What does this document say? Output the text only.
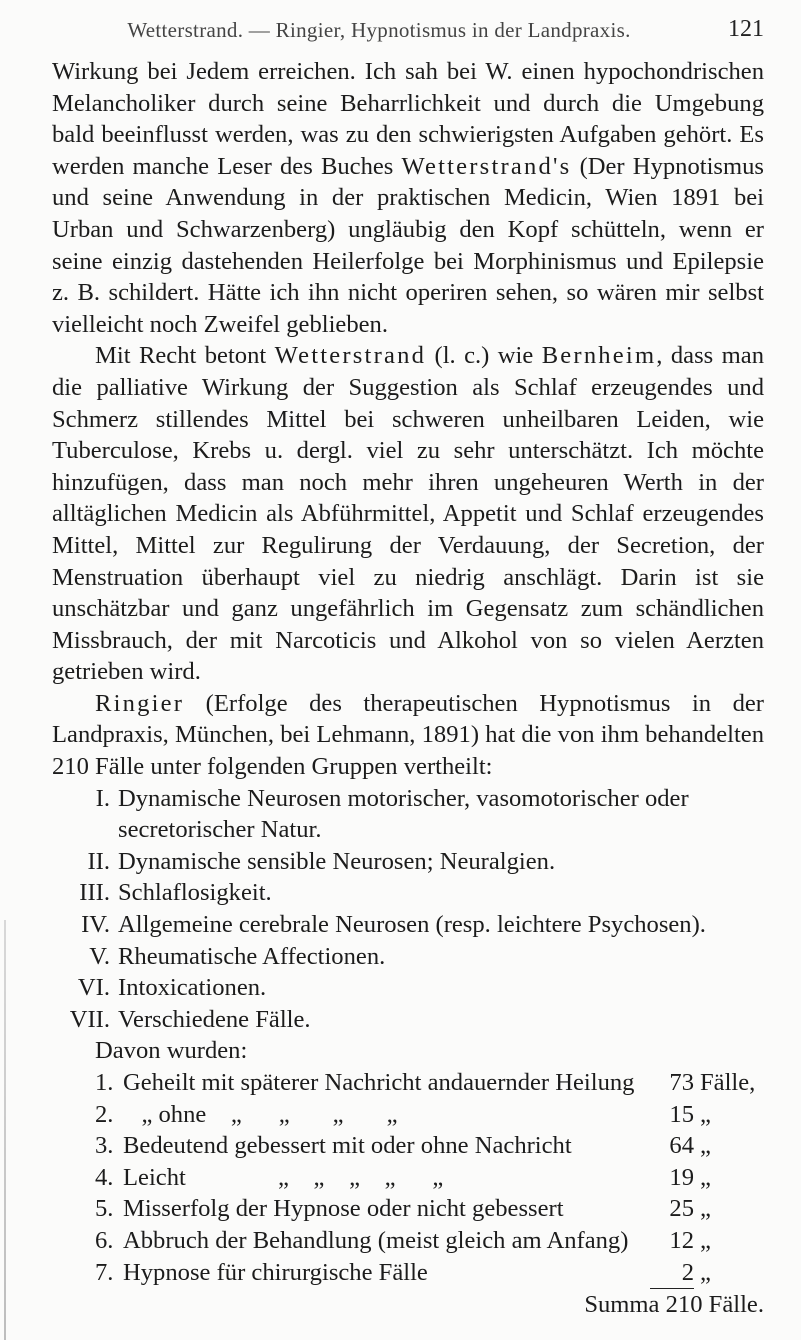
Wetterstrand. — Ringier, Hypnotismus in der Landpraxis.	121

Wirkung bei Jedem erreichen. Ich sah bei W. einen hypochondrischen Melancholiker durch seine Beharrlichkeit und durch die Umgebung bald beeinflusst werden, was zu den schwierigsten Aufgaben gehört. Es werden manche Leser des Buches Wetterstrand's (Der Hypnotismus und seine Anwendung in der praktischen Medicin, Wien 1891 bei Urban und Schwarzenberg) ungläubig den Kopf schütteln, wenn er seine einzig dastehenden Heilerfolge bei Morphinismus und Epilepsie z. B. schildert. Hätte ich ihn nicht operiren sehen, so wären mir selbst vielleicht noch Zweifel geblieben.

Mit Recht betont Wetterstrand (l. c.) wie Bernheim, dass man die palliative Wirkung der Suggestion als Schlaf erzeugendes und Schmerz stillendes Mittel bei schweren unheilbaren Leiden, wie Tuberculose, Krebs u. dergl. viel zu sehr unterschätzt. Ich möchte hinzufügen, dass man noch mehr ihren ungeheuren Werth in der alltäglichen Medicin als Abführmittel, Appetit und Schlaf erzeugendes Mittel, Mittel zur Regulirung der Verdauung, der Secretion, der Menstruation überhaupt viel zu niedrig anschlägt. Darin ist sie unschätzbar und ganz ungefährlich im Gegensatz zum schändlichen Missbrauch, der mit Narcoticis und Alkohol von so vielen Aerzten getrieben wird.

Ringier (Erfolge des therapeutischen Hypnotismus in der Landpraxis, München, bei Lehmann, 1891) hat die von ihm behandelten 210 Fälle unter folgenden Gruppen vertheilt:

I. Dynamische Neurosen motorischer, vasomotorischer oder secretorischer Natur.
II. Dynamische sensible Neurosen; Neuralgien.
III. Schlaflosigkeit.
IV. Allgemeine cerebrale Neurosen (resp. leichtere Psychosen).
V. Rheumatische Affectionen.
VI. Intoxicationen.
VII. Verschiedene Fälle.

Davon wurden:

1.	Geheilt mit späterer Nachricht andauernder Heilung	73	Fälle,
2.	„ ohne    „      „       „       „	15	„
3.	Bedeutend gebessert mit oder ohne Nachricht	64	„
4.	Leicht               „    „    „    „      „	19	„
5.	Misserfolg der Hypnose oder nicht gebessert	25	„
6.	Abbruch der Behandlung (meist gleich am Anfang)	12	„
7.	Hypnose für chirurgische Fälle	2	„

Summa 210 Fälle.
